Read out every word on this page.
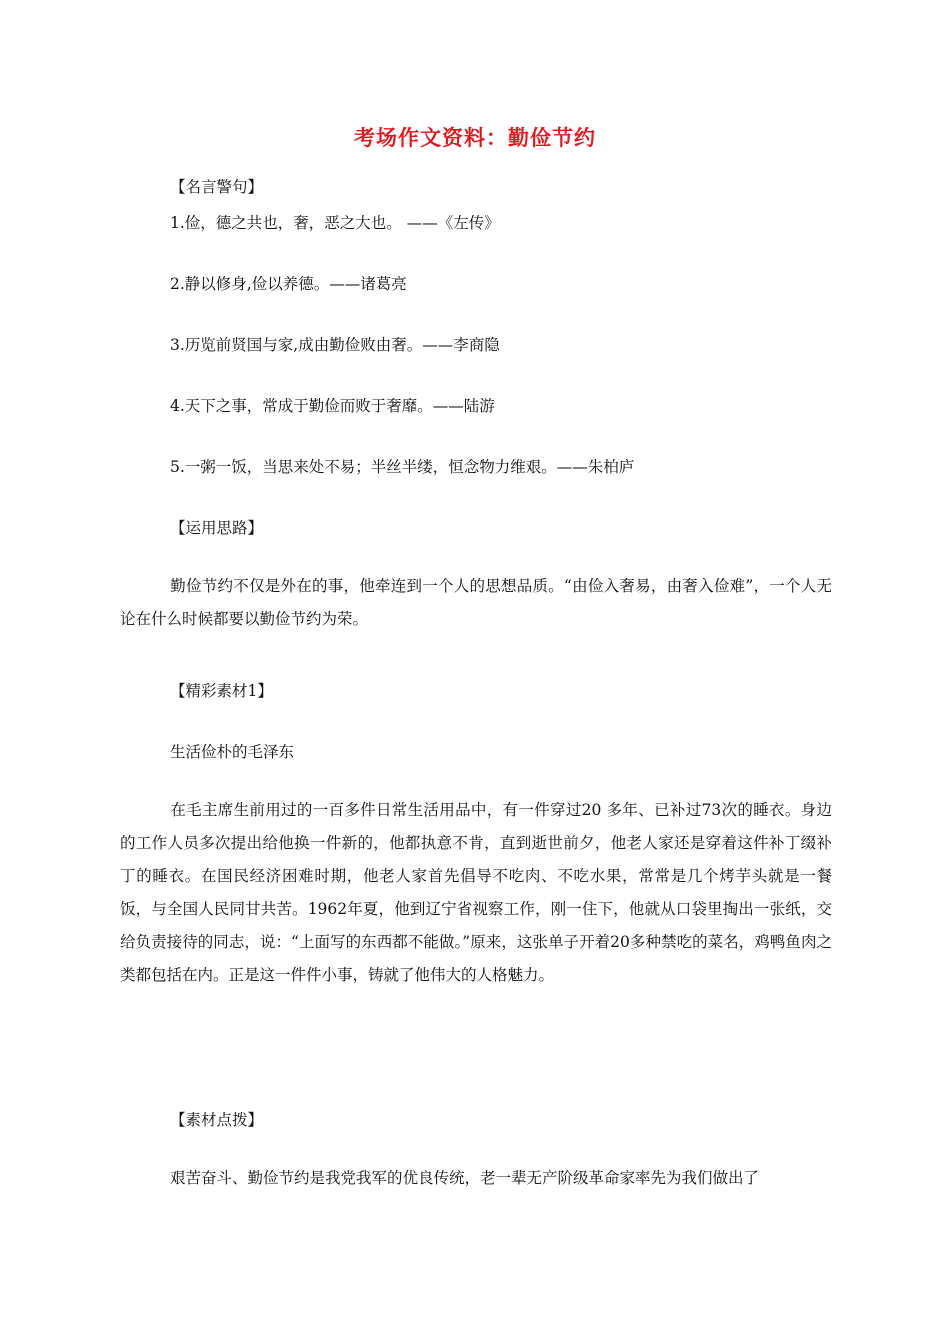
考场作文资料：勤俭节约
【名言警句】
1.俭，德之共也，奢，恶之大也。 ——《左传》
2.静以修身,俭以养德。——诸葛亮
3.历览前贤国与家,成由勤俭败由奢。——李商隐
4.天下之事，常成于勤俭而败于奢靡。——陆游
5.一粥一饭，当思来处不易；半丝半缕，恒念物力维艰。——朱柏庐
【运用思路】
勤俭节约不仅是外在的事，他牵连到一个人的思想品质。“由俭入奢易，由奢入俭难”，一个人无论在什么时候都要以勤俭节约为荣。
【精彩素材1】
生活俭朴的毛泽东
在毛主席生前用过的一百多件日常生活用品中，有一件穿过20 多年、已补过73次的睡衣。身边的工作人员多次提出给他换一件新的，他都执意不肯，直到逝世前夕，他老人家还是穿着这件补丁缀补丁的睡衣。在国民经济困难时期，他老人家首先倡导不吃肉、不吃水果，常常是几个烤芋头就是一餐饭，与全国人民同甘共苦。1962年夏，他到辽宁省视察工作，刚一住下，他就从口袋里掏出一张纸，交给负责接待的同志，说：“上面写的东西都不能做。”原来，这张单子开着20多种禁吃的菜名，鸡鸭鱼肉之类都包括在内。正是这一件件小事，铸就了他伟大的人格魅力。
【素材点拨】
艰苦奋斗、勤俭节约是我党我军的优良传统，老一辈无产阶级革命家率先为我们做出了
